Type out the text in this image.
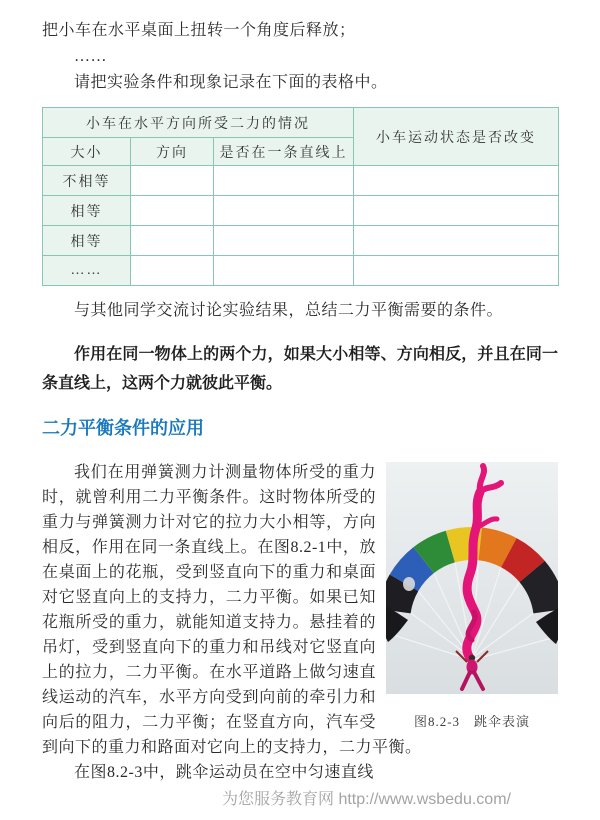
把小车在水平桌面上扭转一个角度后释放；

……

请把实验条件和现象记录在下面的表格中。

小车在水平方向所受二力的情况			小车运动状态是否改变
大小	方向	是否在一条直线上	
不相等			
相等			
相等			
……			

与其他同学交流讨论实验结果，总结二力平衡需要的条件。

作用在同一物体上的两个力，如果大小相等、方向相反，并且在同一条直线上，这两个力就彼此平衡。

二力平衡条件的应用
图8.2-3　跳伞表演

我们在用弹簧测力计测量物体所受的重力时，就曾利用二力平衡条件。这时物体所受的重力与弹簧测力计对它的拉力大小相等，方向相反，作用在同一条直线上。在图8.2-1中，放在桌面上的花瓶，受到竖直向下的重力和桌面对它竖直向上的支持力，二力平衡。如果已知花瓶所受的重力，就能知道支持力。悬挂着的吊灯，受到竖直向下的重力和吊线对它竖直向上的拉力，二力平衡。在水平道路上做匀速直线运动的汽车，水平方向受到向前的牵引力和向后的阻力，二力平衡；在竖直方向，汽车受到向下的重力和路面对它向上的支持力，二力平衡。

在图8.2-3中，跳伞运动员在空中匀速直线

为您服务教育网 http://www.wsbedu.com/
